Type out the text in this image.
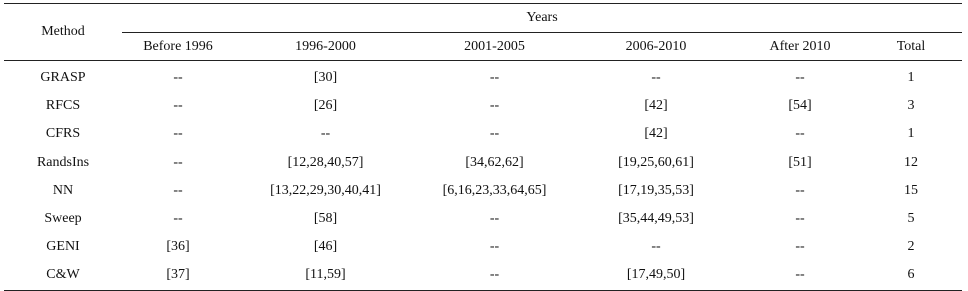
Method	Years					
	Before 1996	1996-2000	2001-2005	2006-2010	After 2010	Total
GRASP	--	[30]	--	--	--	1
RFCS	--	[26]	--	[42]	[54]	3
CFRS	--	--	--	[42]	--	1
RandsIns	--	[12,28,40,57]	[34,62,62]	[19,25,60,61]	[51]	12
NN	--	[13,22,29,30,40,41]	[6,16,23,33,64,65]	[17,19,35,53]	--	15
Sweep	--	[58]	--	[35,44,49,53]	--	5
GENI	[36]	[46]	--	--	--	2
C&W	[37]	[11,59]	--	[17,49,50]	--	6
